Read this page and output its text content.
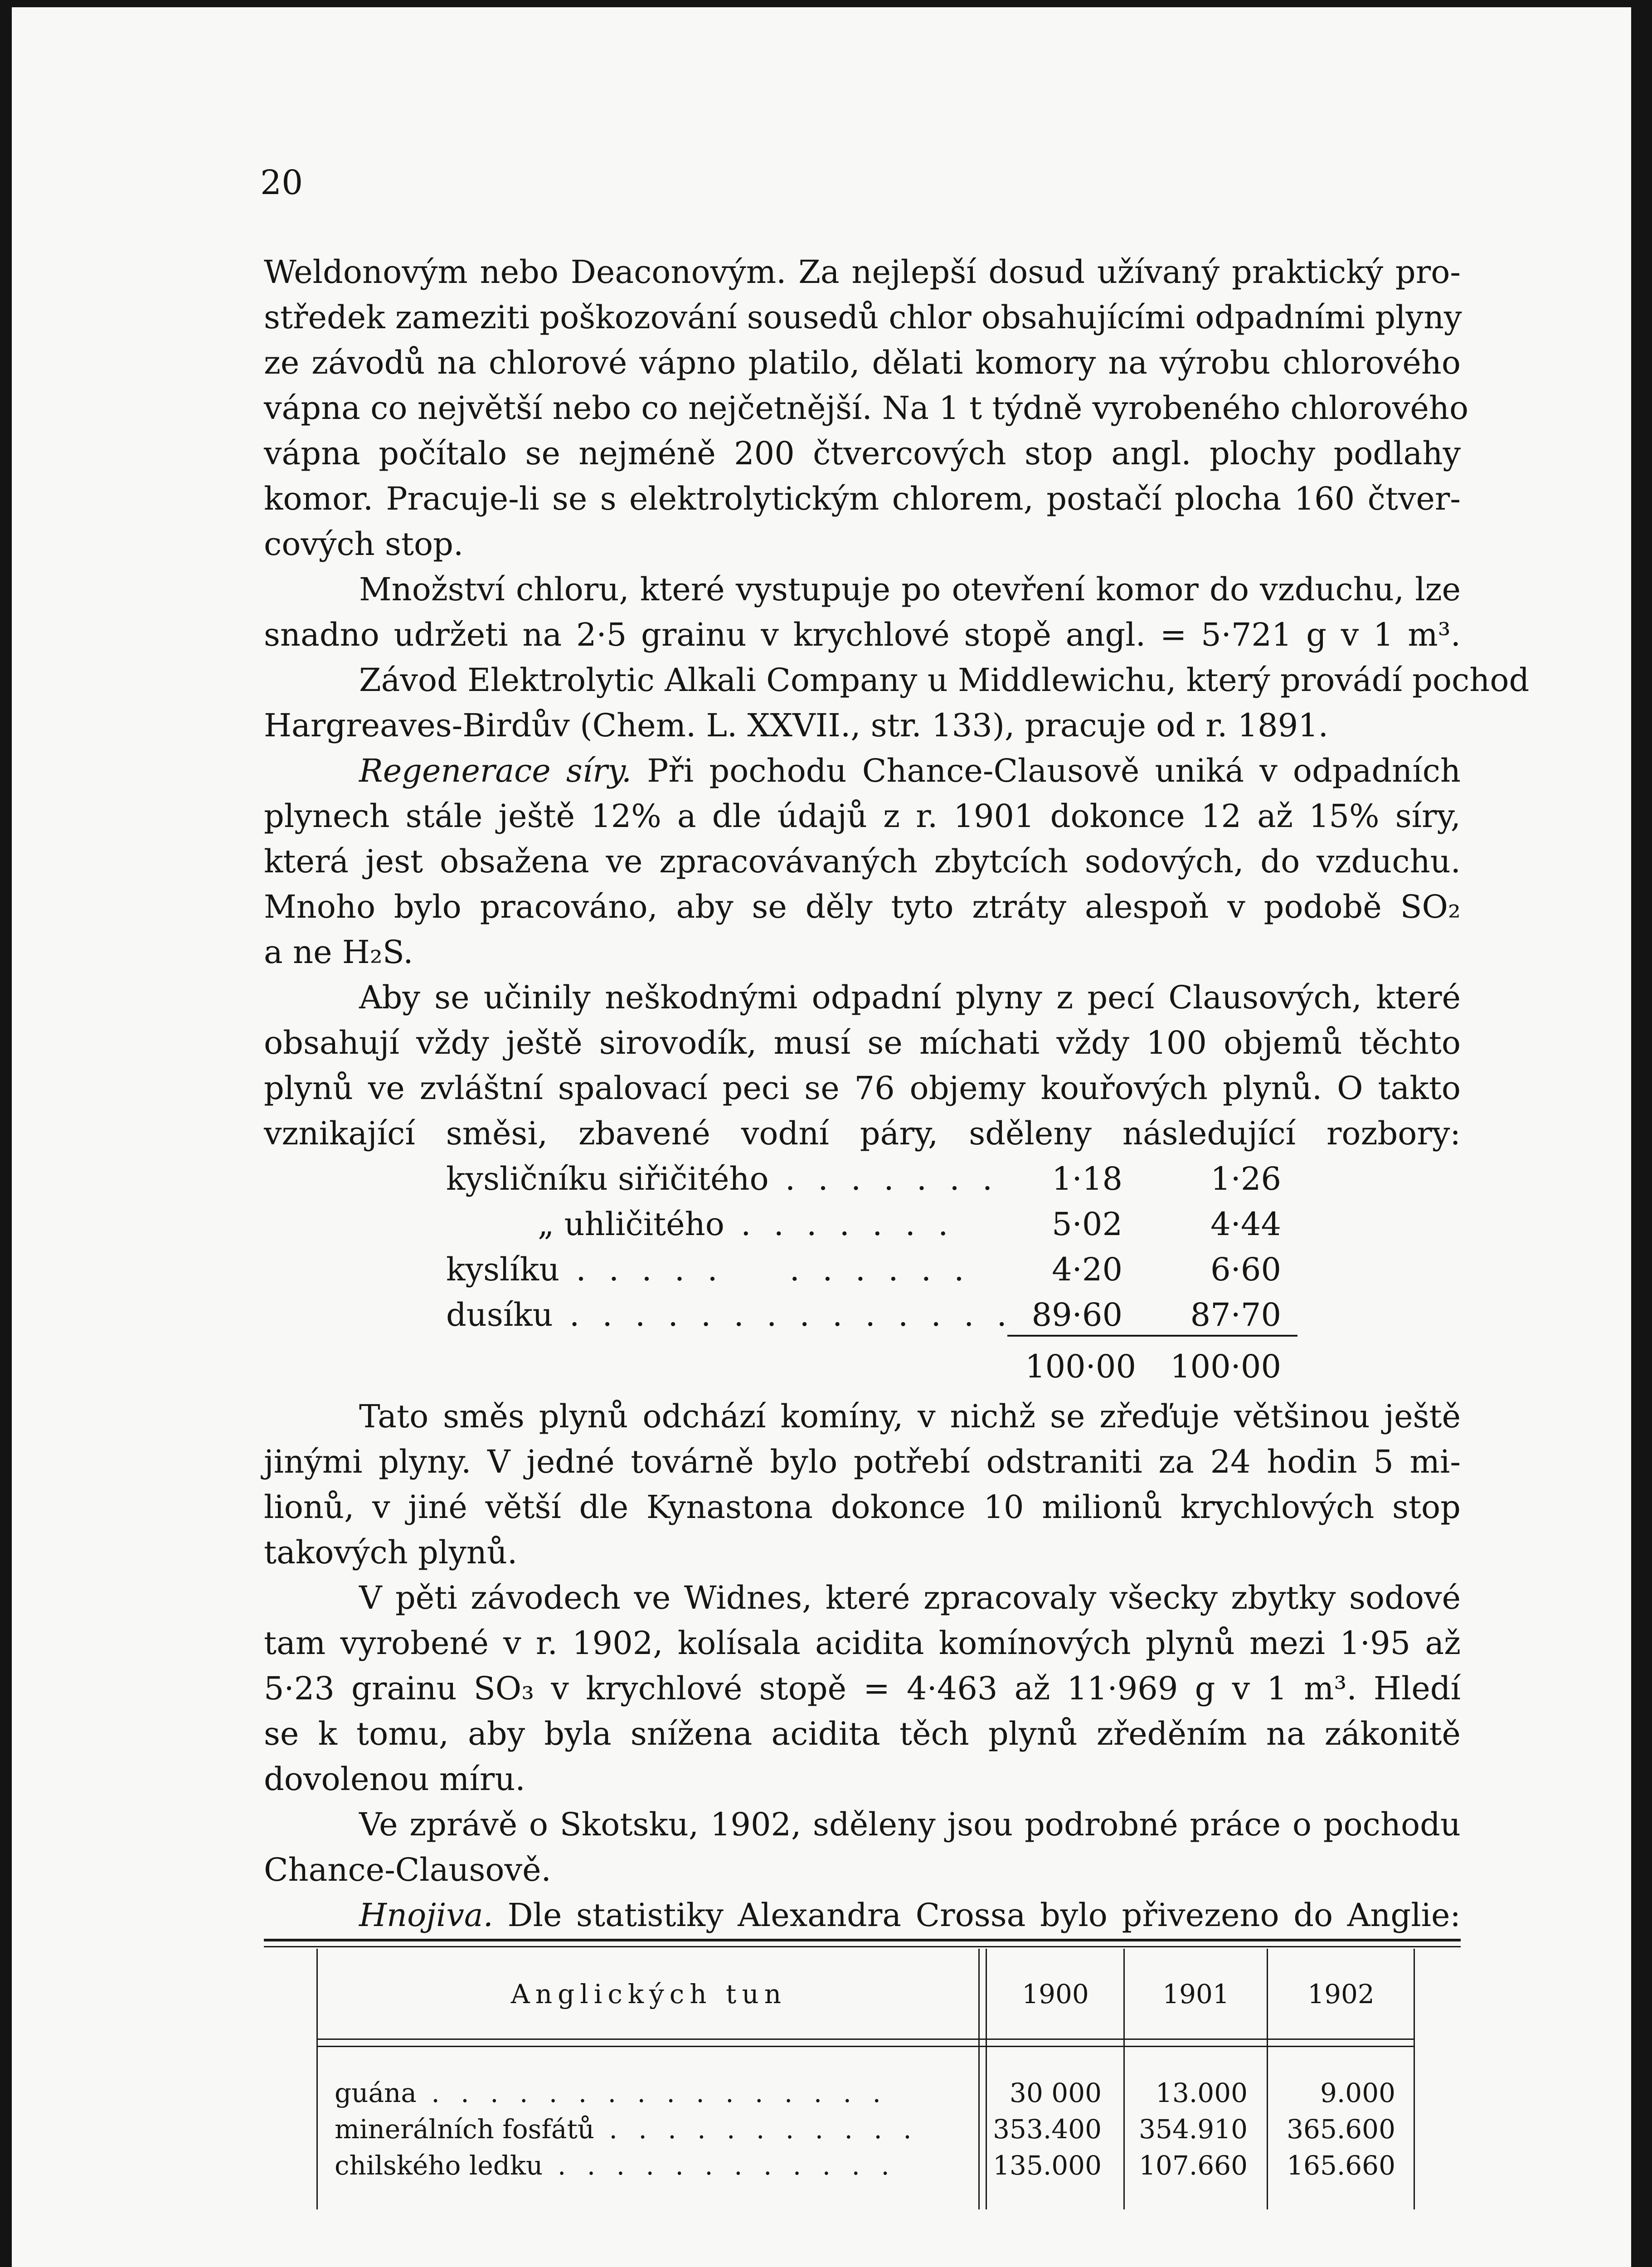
20
Weldonovým nebo Deaconovým. Za nejlepší dosud užívaný praktický pro-
středek zameziti poškozování sousedů chlor obsahujícími odpadními plyny
ze závodů na chlorové vápno platilo, dělati komory na výrobu chlorového
vápna co největší nebo co nejčetnější. Na 1 t týdně vyrobeného chlorového
vápna počítalo se nejméně 200 čtvercových stop angl. plochy podlahy
komor. Pracuje-li se s elektrolytickým chlorem, postačí plocha 160 čtver-
cových stop.
Množství chloru, které vystupuje po otevření komor do vzduchu, lze
snadno udržeti na 2·5 grainu v krychlové stopě angl. = 5·721 g v 1 m³.
Závod Elektrolytic Alkali Company u Middlewichu, který provádí pochod
Hargreaves-Birdův (Chem. L. XXVII., str. 133), pracuje od r. 1891.
Regenerace síry. Při pochodu Chance-Clausově uniká v odpadních
plynech stále ještě 12% a dle údajů z r. 1901 dokonce 12 až 15% síry,
která jest obsažena ve zpracovávaných zbytcích sodových, do vzduchu.
Mnoho bylo pracováno, aby se děly tyto ztráty alespoň v podobě SO₂
a ne H₂S.
Aby se učinily neškodnými odpadní plyny z pecí Clausových, které
obsahují vždy ještě sirovodík, musí se míchati vždy 100 objemů těchto
plynů ve zvláštní spalovací peci se 76 objemy kouřových plynů. O takto
vznikající směsi, zbavené vodní páry, sděleny následující rozbory:
kysličníku siřičitého . . . . . . .	1·18	1·26
„ uhličitého . . . . . . .	5·02	4·44
kyslíku . . . . .    . . . . . .	4·20	6·60
dusíku . . . . . . . . . . . . . . 89·60	87·70
100·00	100·00
Tato směs plynů odchází komíny, v nichž se zřeďuje většinou ještě
jinými plyny. V jedné továrně bylo potřebí odstraniti za 24 hodin 5 mi-
lionů, v jiné větší dle Kynastona dokonce 10 milionů krychlových stop
takových plynů.
V pěti závodech ve Widnes, které zpracovaly všecky zbytky sodové
tam vyrobené v r. 1902, kolísala acidita komínových plynů mezi 1·95 až
5·23 grainu SO₃ v krychlové stopě = 4·463 až 11·969 g v 1 m³. Hledí
se k tomu, aby byla snížena acidita těch plynů zředěním na zákonitě
dovolenou míru.
Ve zprávě o Skotsku, 1902, sděleny jsou podrobné práce o pochodu
Chance-Clausově.
Hnojiva. Dle statistiky Alexandra Crossa bylo přivezeno do Anglie:
Anglických tun	1900	1901	1902
guána . . . . . . . . . . . . . . . .	30 000	13.000	9.000
minerálních fosfátů . . . . . . . . . . .	353.400	354.910	365.600
chilského ledku . . . . . . . . . . . .	135.000	107.660	165.660
